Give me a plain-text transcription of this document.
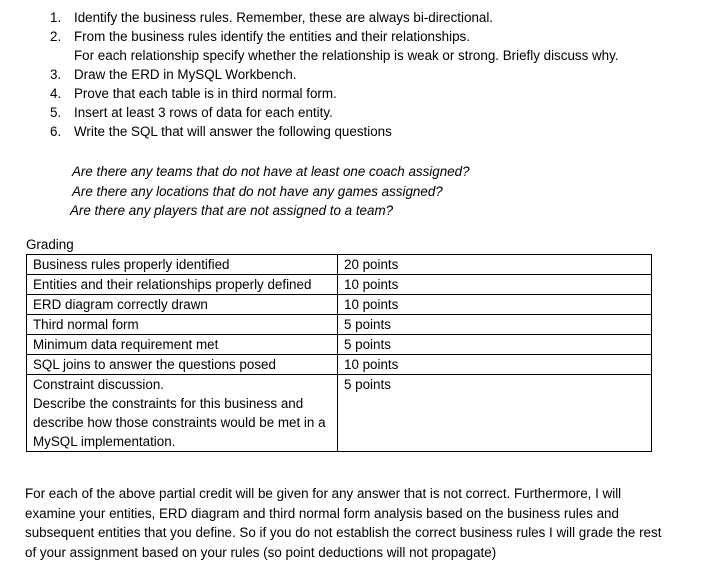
1. Identify the business rules. Remember, these are always bi-directional.
2. From the business rules identify the entities and their relationships.
For each relationship specify whether the relationship is weak or strong. Briefly discuss why.
3. Draw the ERD in MySQL Workbench.
4. Prove that each table is in third normal form.
5. Insert at least 3 rows of data for each entity.
6. Write the SQL that will answer the following questions
Are there any teams that do not have at least one coach assigned?
Are there any locations that do not have any games assigned?
Are there any players that are not assigned to a team?
Grading
Business rules properly identified	20 points
Entities and their relationships properly defined	10 points
ERD diagram correctly drawn	10 points
Third normal form	5 points
Minimum data requirement met	5 points
SQL joins to answer the questions posed	10 points

Constraint discussion.
Describe the constraints for this business and describe how those constraints would be met in a MySQL implementation.	5 points
For each of the above partial credit will be given for any answer that is not correct. Furthermore, I will examine your entities, ERD diagram and third normal form analysis based on the business rules and subsequent entities that you define. So if you do not establish the correct business rules I will grade the rest of your assignment based on your rules (so point deductions will not propagate)
